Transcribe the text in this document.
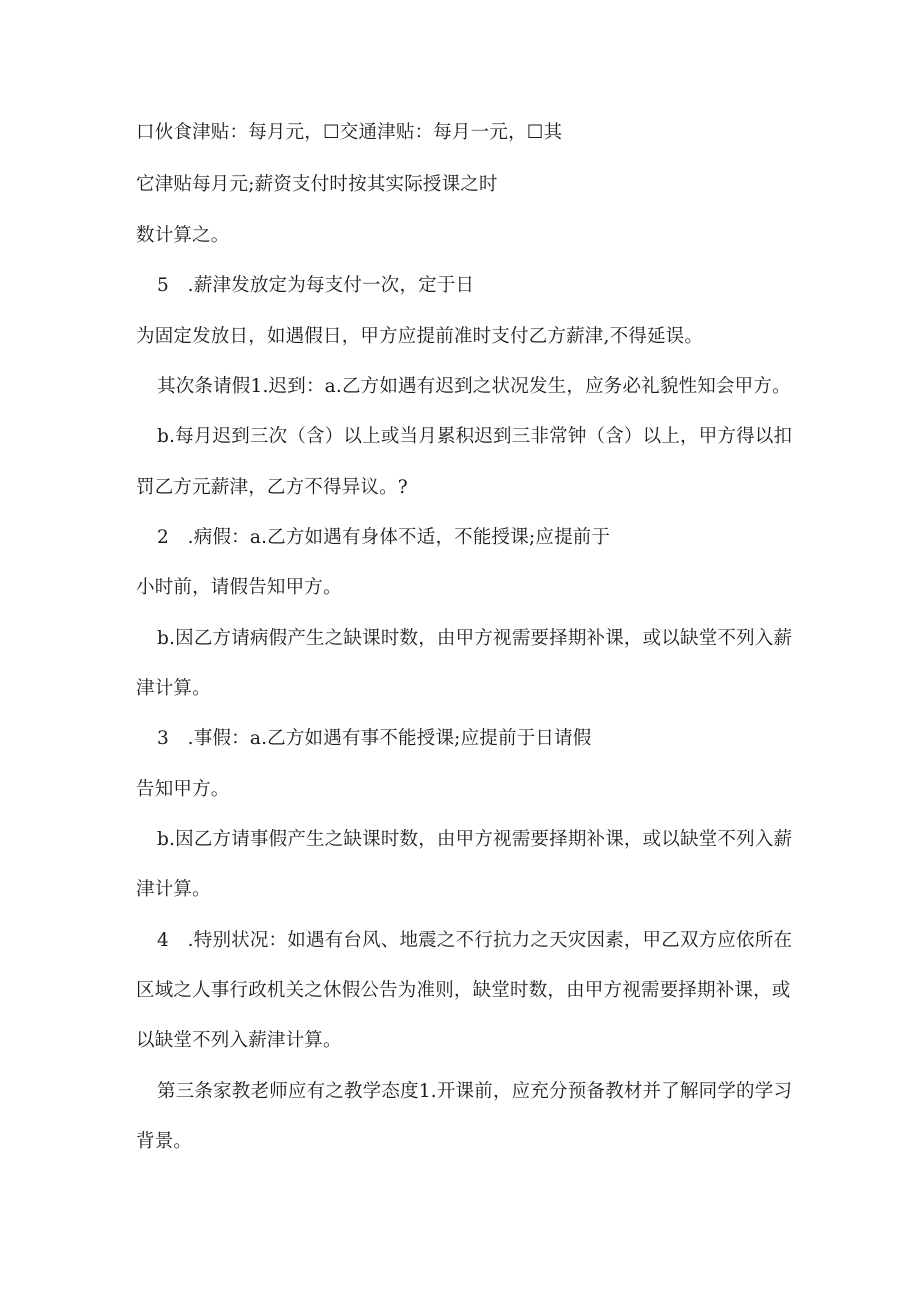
口伙食津贴：每月元，☐交通津贴：每月一元，☐其
它津贴每月元;薪资支付时按其实际授课之时
数计算之。
5　.薪津发放定为每支付一次，定于日
为固定发放日，如遇假日，甲方应提前准时支付乙方薪津,不得延误。
其次条请假1.迟到：a.乙方如遇有迟到之状况发生，应务必礼貌性知会甲方。
b.每月迟到三次（含）以上或当月累积迟到三非常钟（含）以上，甲方得以扣
罚乙方元薪津，乙方不得异议。?
2　.病假：a.乙方如遇有身体不适，不能授课;应提前于
小时前，请假告知甲方。
b.因乙方请病假产生之缺课时数，由甲方视需要择期补课，或以缺堂不列入薪
津计算。
3　.事假：a.乙方如遇有事不能授课;应提前于日请假
告知甲方。
b.因乙方请事假产生之缺课时数，由甲方视需要择期补课，或以缺堂不列入薪
津计算。
4　.特别状况：如遇有台风、地震之不行抗力之天灾因素，甲乙双方应依所在
区域之人事行政机关之休假公告为准则，缺堂时数，由甲方视需要择期补课，或
以缺堂不列入薪津计算。
第三条家教老师应有之教学态度1.开课前，应充分预备教材并了解同学的学习
背景。
